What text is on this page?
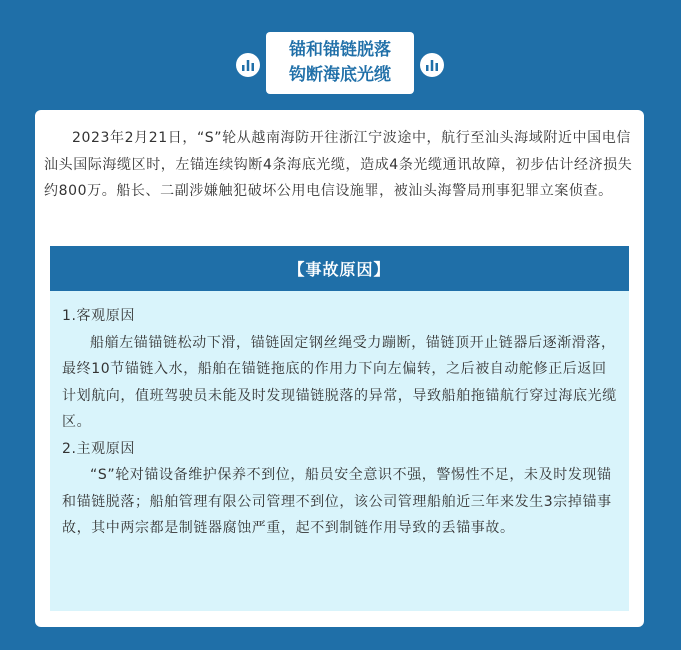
锚和锚链脱落
钩断海底光缆

2023年2月21日，“S”轮从越南海防开往浙江宁波途中，航行至汕头海域附近中国电信汕头国际海缆区时，左锚连续钩断4条海底光缆，造成4条光缆通讯故障，初步估计经济损失约800万。船长、二副涉嫌触犯破坏公用电信设施罪，被汕头海警局刑事犯罪立案侦查。

【事故原因】

1.客观原因

船艏左锚锚链松动下滑，锚链固定钢丝绳受力蹦断，锚链顶开止链器后逐渐滑落，最终10节锚链入水，船舶在锚链拖底的作用力下向左偏转，之后被自动舵修正后返回计划航向，值班驾驶员未能及时发现锚链脱落的异常，导致船舶拖锚航行穿过海底光缆区。

2.主观原因

“S”轮对锚设备维护保养不到位，船员安全意识不强，警惕性不足，未及时发现锚和锚链脱落；船舶管理有限公司管理不到位，该公司管理船舶近三年来发生3宗掉锚事故，其中两宗都是制链器腐蚀严重，起不到制链作用导致的丢锚事故。
